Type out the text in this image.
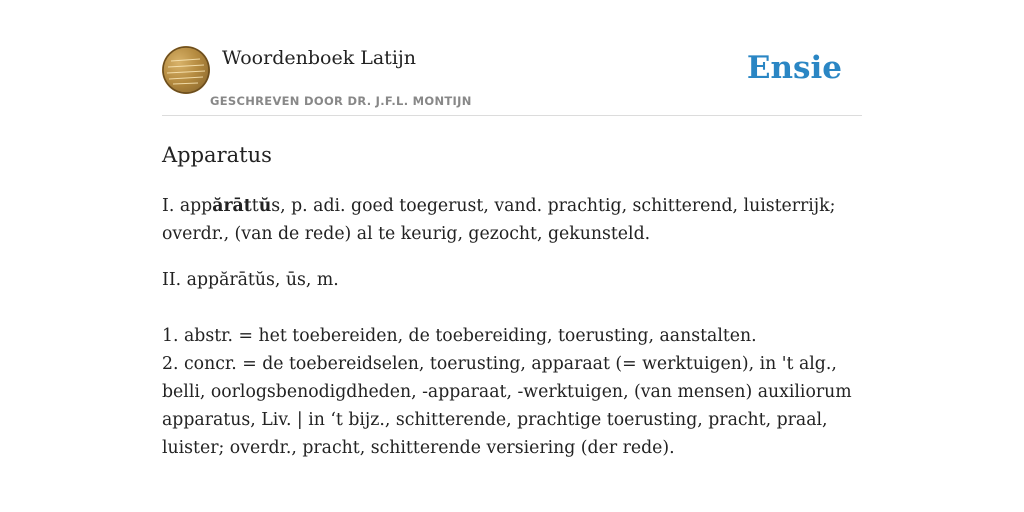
Woordenboek Latijn
GESCHREVEN DOOR DR. J.F.L. MONTIJN
Ensie
Apparatus
I. appărāttŭs, p. adi. goed toegerust, vand. prachtig, schitterend, luisterrijk; overdr., (van de rede) al te keurig, gezocht, gekunsteld.
II. appărātŭs, ūs, m.
1. abstr. = het toebereiden, de toebereiding, toerusting, aanstalten.
2. concr. = de toebereidselen, toerusting, apparaat (= werktuigen), in 't alg., belli, oorlogsbenodigdheden, -apparaat, -werktuigen, (van mensen) auxiliorum apparatus, Liv. | in ‘t bijz., schitterende, prachtige toerusting, pracht, praal, luister; overdr., pracht, schitterende versiering (der rede).
